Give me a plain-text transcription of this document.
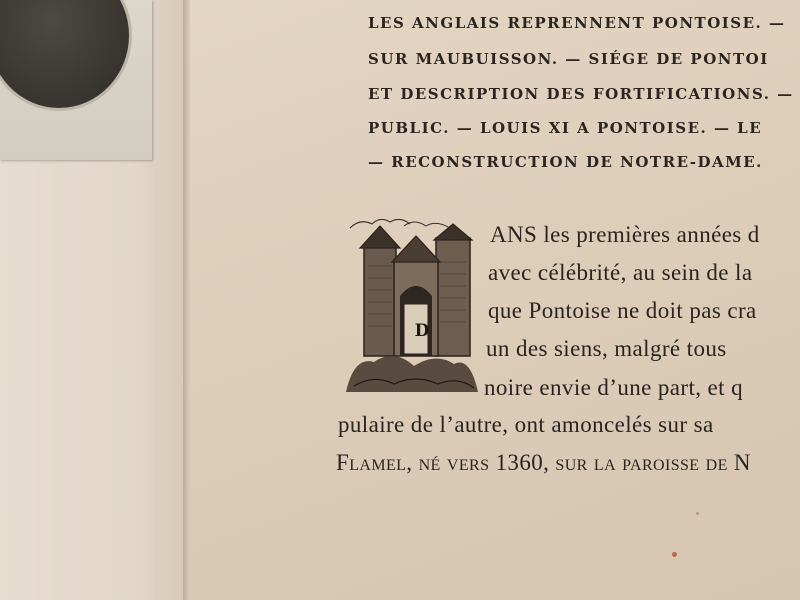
LES ANGLAIS REPRENNENT PONTOISE. —
SUR MAUBUISSON. — SIÉGE DE PONTOI
ET DESCRIPTION DES FORTIFICATIONS. —
PUBLIC. — LOUIS XI A PONTOISE. — LE
— RECONSTRUCTION DE NOTRE-DAME.
D
ANS les premières années d
avec célébrité, au sein de la
que Pontoise ne doit pas cra
un des siens, malgré tous
noire envie d’une part, et q
pulaire de l’autre, ont amoncelés sur sa
Flamel, né vers 1360, sur la paroisse de N
